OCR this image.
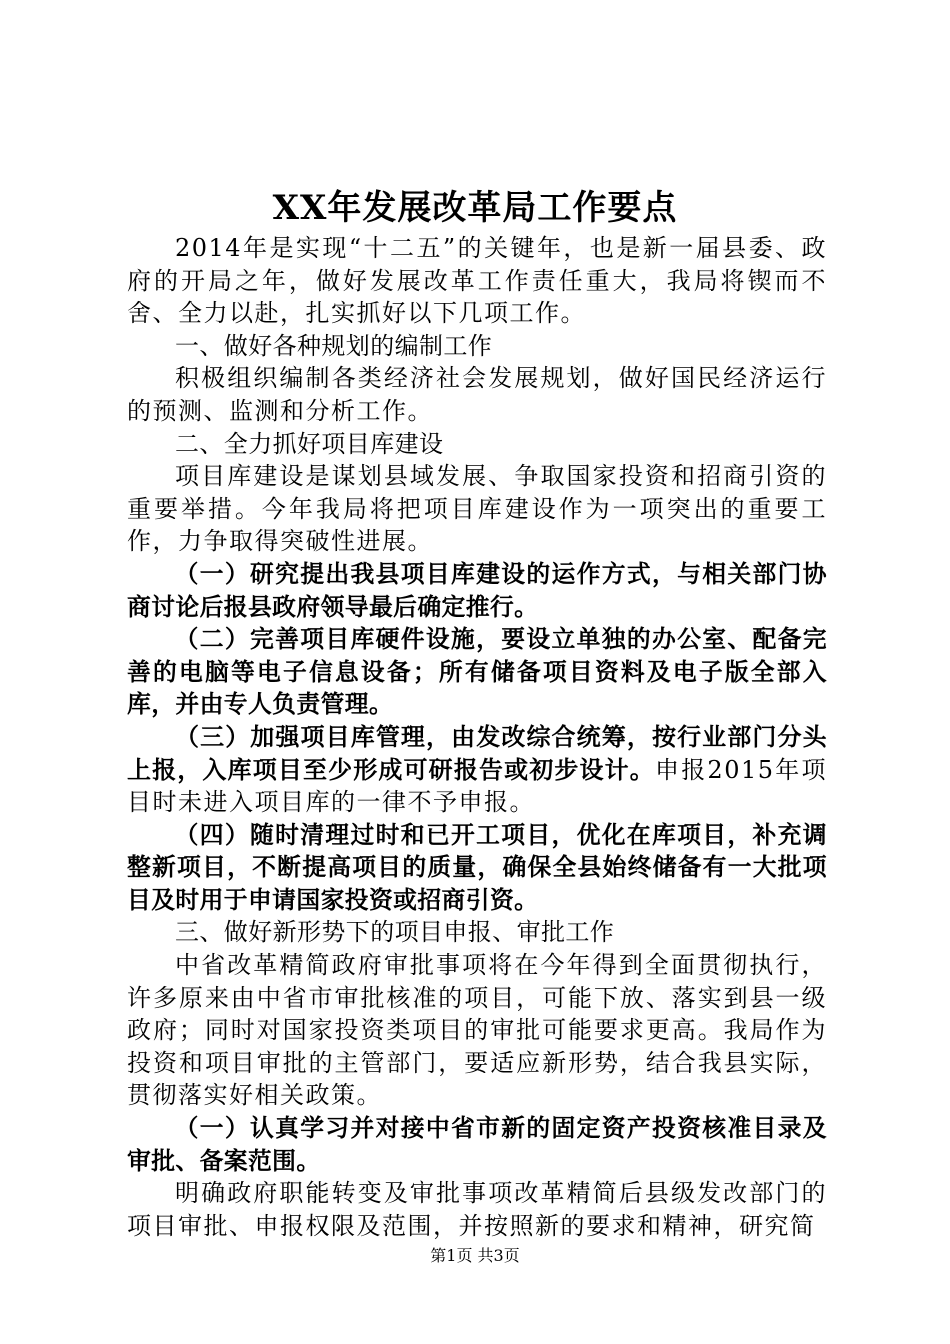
XX年发展改革局工作要点

2014年是实现“十二五”的关键年，也是新一届县委、政府的开局之年，做好发展改革工作责任重大，我局将锲而不舍、全力以赴，扎实抓好以下几项工作。

一、做好各种规划的编制工作

积极组织编制各类经济社会发展规划，做好国民经济运行的预测、监测和分析工作。

二、全力抓好项目库建设

项目库建设是谋划县域发展、争取国家投资和招商引资的重要举措。今年我局将把项目库建设作为一项突出的重要工作，力争取得突破性进展。

（一）研究提出我县项目库建设的运作方式，与相关部门协商讨论后报县政府领导最后确定推行。

（二）完善项目库硬件设施，要设立单独的办公室、配备完善的电脑等电子信息设备；所有储备项目资料及电子版全部入库，并由专人负责管理。

（三）加强项目库管理，由发改综合统筹，按行业部门分头上报，入库项目至少形成可研报告或初步设计。申报2015年项目时未进入项目库的一律不予申报。

（四）随时清理过时和已开工项目，优化在库项目，补充调整新项目，不断提高项目的质量，确保全县始终储备有一大批项目及时用于申请国家投资或招商引资。

三、做好新形势下的项目申报、审批工作

中省改革精简政府审批事项将在今年得到全面贯彻执行，许多原来由中省市审批核准的项目，可能下放、落实到县一级政府；同时对国家投资类项目的审批可能要求更高。我局作为投资和项目审批的主管部门，要适应新形势，结合我县实际，贯彻落实好相关政策。

（一）认真学习并对接中省市新的固定资产投资核准目录及审批、备案范围。

明确政府职能转变及审批事项改革精简后县级发改部门的项目审批、申报权限及范围，并按照新的要求和精神，研究简

第1页 共3页
